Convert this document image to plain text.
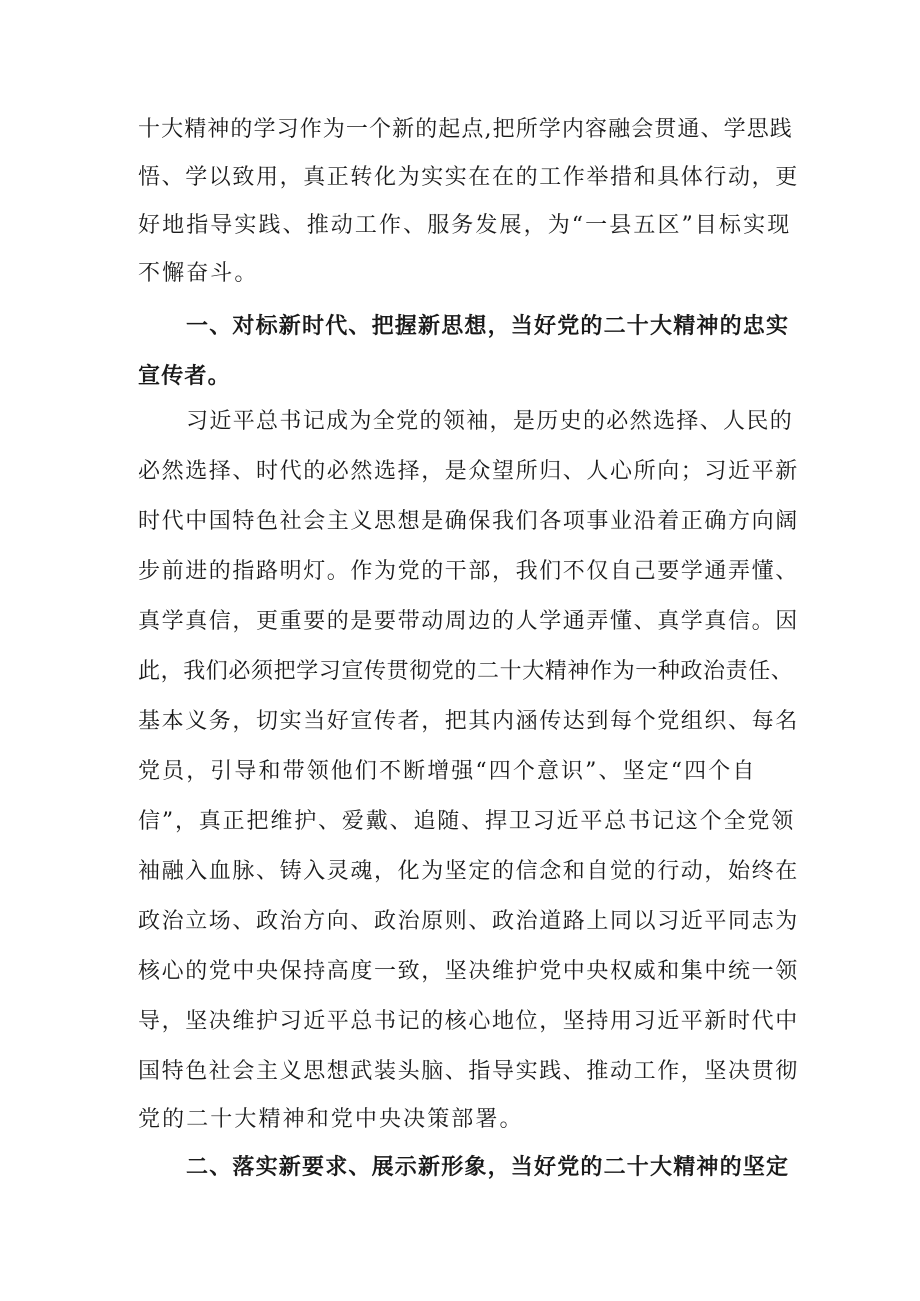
十大精神的学习作为一个新的起点,把所学内容融会贯通、学思践
悟、学以致用，真正转化为实实在在的工作举措和具体行动，更
好地指导实践、推动工作、服务发展，为“一县五区”目标实现
不懈奋斗。
一、对标新时代、把握新思想，当好党的二十大精神的忠实
宣传者。
习近平总书记成为全党的领袖，是历史的必然选择、人民的
必然选择、时代的必然选择，是众望所归、人心所向；习近平新
时代中国特色社会主义思想是确保我们各项事业沿着正确方向阔
步前进的指路明灯。作为党的干部，我们不仅自己要学通弄懂、
真学真信，更重要的是要带动周边的人学通弄懂、真学真信。因
此，我们必须把学习宣传贯彻党的二十大精神作为一种政治责任、
基本义务，切实当好宣传者，把其内涵传达到每个党组织、每名
党员，引导和带领他们不断增强“四个意识”、坚定“四个自
信”，真正把维护、爱戴、追随、捍卫习近平总书记这个全党领
袖融入血脉、铸入灵魂，化为坚定的信念和自觉的行动，始终在
政治立场、政治方向、政治原则、政治道路上同以习近平同志为
核心的党中央保持高度一致，坚决维护党中央权威和集中统一领
导，坚决维护习近平总书记的核心地位，坚持用习近平新时代中
国特色社会主义思想武装头脑、指导实践、推动工作，坚决贯彻
党的二十大精神和党中央决策部署。
二、落实新要求、展示新形象，当好党的二十大精神的坚定
